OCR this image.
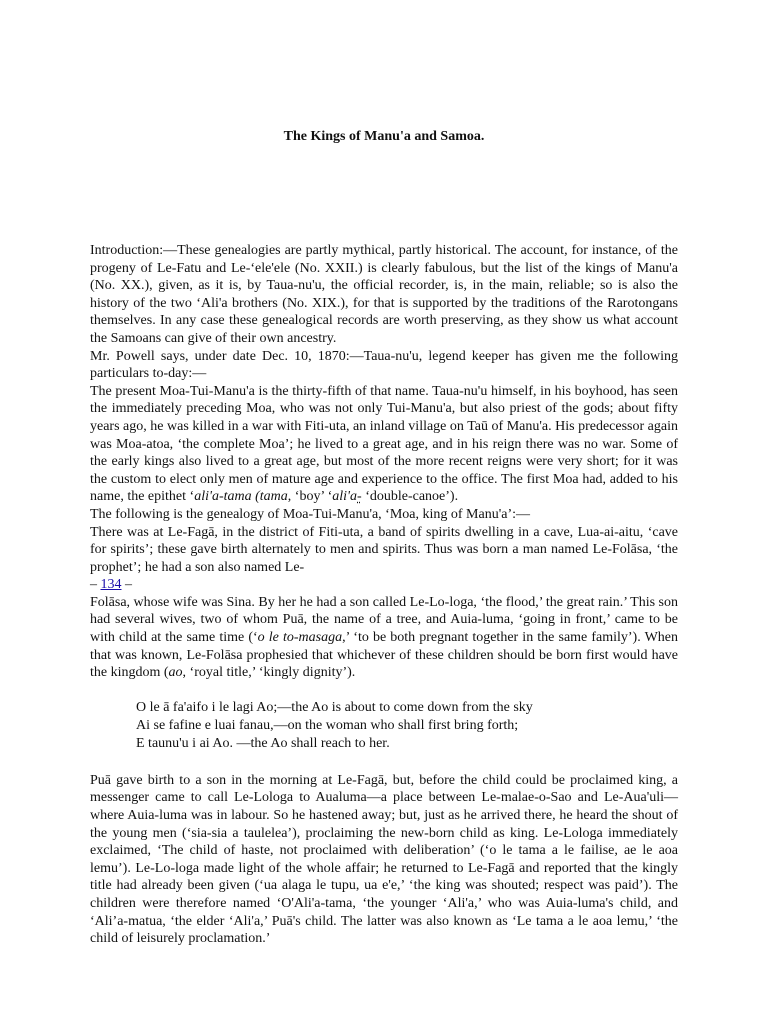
The Kings of Manu'a and Samoa.

Introduction:—These genealogies are partly mythical, partly historical. The account, for instance, of the progeny of Le-Fatu and Le-‘ele'ele (No. XXII.) is clearly fabulous, but the list of the kings of Manu'a (No. XX.), given, as it is, by Taua-nu'u, the official recorder, is, in the main, reliable; so is also the history of the two ‘Ali'a brothers (No. XIX.), for that is supported by the traditions of the Rarotongans themselves. In any case these genealogical records are worth preserving, as they show us what account the Samoans can give of their own ancestry.

Mr. Powell says, under date Dec. 10, 1870:—Taua-nu'u, legend keeper has given me the following particulars to-day:—

The present Moa-Tui-Manu'a is the thirty-fifth of that name. Taua-nu'u himself, in his boyhood, has seen the immediately preceding Moa, who was not only Tui-Manu'a, but also priest of the gods; about fifty years ago, he was killed in a war with Fiti-uta, an inland village on Taū of Manu'a. His predecessor again was Moa-atoa, ‘the complete Moa’; he lived to a great age, and in his reign there was no war. Some of the early kings also lived to a great age, but most of the more recent reigns were very short; for it was the custom to elect only men of mature age and experience to the office. The first Moa had, added to his name, the epithet ‘ali'a-tama (tama, ‘boy’ ‘ali'a- ‘double-canoe’).

The following is the genealogy of Moa-Tui-Manu'a, ‘Moa, king of Manu'a’:—

There was at Le-Fagā, in the district of Fiti-uta, a band of spirits dwelling in a cave, Lua-ai-aitu, ‘cave for spirits’; these gave birth alternately to men and spirits. Thus was born a man named Le-Folāsa, ‘the prophet’; he had a son also named Le-

– 134 –

Folāsa, whose wife was Sina. By her he had a son called Le-Lo-loga, ‘the flood,’ the great rain.’ This son had several wives, two of whom Puā, the name of a tree, and Auia-luma, ‘going in front,’ came to be with child at the same time (‘o le to-masaga,’ ‘to be both pregnant together in the same family’). When that was known, Le-Folāsa prophesied that whichever of these children should be born first would have the kingdom (ao, ‘royal title,’ ‘kingly dignity’).

O le ā fa'aifo i le lagi Ao;—the Ao is about to come down from the sky
Ai se fafine e luai fanau,—on the woman who shall first bring forth;
E taunu'u i ai Ao. —the Ao shall reach to her.

Puā gave birth to a son in the morning at Le-Fagā, but, before the child could be proclaimed king, a messenger came to call Le-Lologa to Aualuma—a place between Le-malae-o-Sao and Le-Aua'uli—where Auia-luma was in labour. So he hastened away; but, just as he arrived there, he heard the shout of the young men (‘sia-sia a taulelea’), proclaiming the new-born child as king. Le-Lologa immediately exclaimed, ‘The child of haste, not proclaimed with deliberation’ (‘o le tama a le failise, ae le aoa lemu’). Le-Lo-loga made light of the whole affair; he returned to Le-Fagā and reported that the kingly title had already been given (‘ua alaga le tupu, ua e'e,’ ‘the king was shouted; respect was paid’). The children were therefore named ‘O'Ali'a-tama, ‘the younger ‘Ali'a,’ who was Auia-luma's child, and ‘Ali’a-matua, ‘the elder ‘Ali'a,’ Puā's child. The latter was also known as ‘Le tama a le aoa lemu,’ ‘the child of leisurely proclamation.’
